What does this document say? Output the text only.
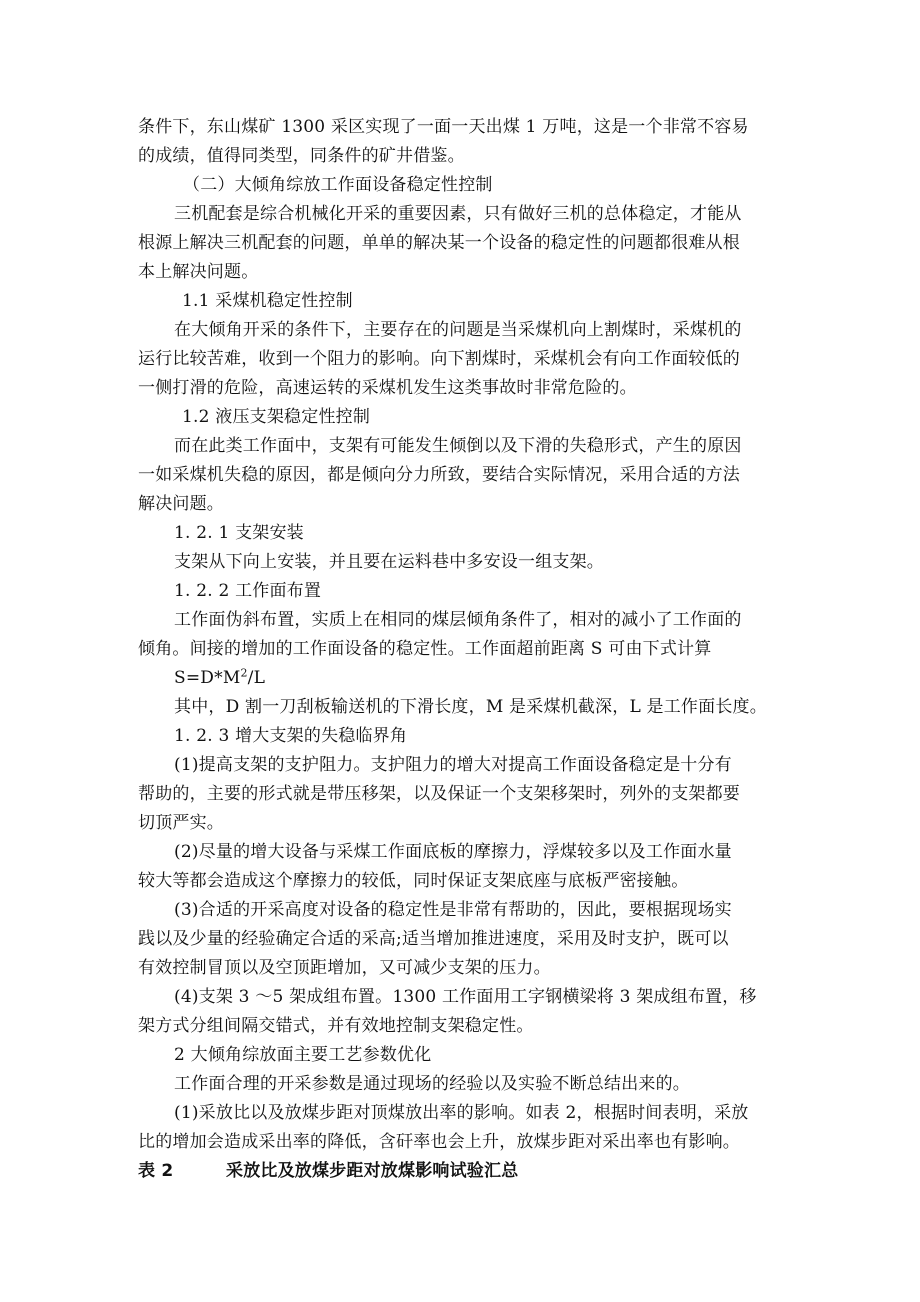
条件下，东山煤矿 1300 采区实现了一面一天出煤 1 万吨，这是一个非常不容易
的成绩，值得同类型，同条件的矿井借鉴。
（二）大倾角综放工作面设备稳定性控制
三机配套是综合机械化开采的重要因素，只有做好三机的总体稳定，才能从
根源上解决三机配套的问题，单单的解决某一个设备的稳定性的问题都很难从根
本上解决问题。
1.1 采煤机稳定性控制
在大倾角开采的条件下，主要存在的问题是当采煤机向上割煤时，采煤机的
运行比较苦难，收到一个阻力的影响。向下割煤时，采煤机会有向工作面较低的
一侧打滑的危险，高速运转的采煤机发生这类事故时非常危险的。
1.2 液压支架稳定性控制
而在此类工作面中，支架有可能发生倾倒以及下滑的失稳形式，产生的原因
一如采煤机失稳的原因，都是倾向分力所致，要结合实际情况，采用合适的方法
解决问题。
1. 2. 1 支架安装
支架从下向上安装，并且要在运料巷中多安设一组支架。
1. 2. 2 工作面布置
工作面伪斜布置，实质上在相同的煤层倾角条件了，相对的减小了工作面的
倾角。间接的增加的工作面设备的稳定性。工作面超前距离 S 可由下式计算
$S=D*M^2/L$
其中，D 割一刀刮板输送机的下滑长度，M 是采煤机截深，L 是工作面长度。
1. 2. 3 增大支架的失稳临界角
(1)提高支架的支护阻力。支护阻力的增大对提高工作面设备稳定是十分有
帮助的，主要的形式就是带压移架，以及保证一个支架移架时，列外的支架都要
切顶严实。
(2)尽量的增大设备与采煤工作面底板的摩擦力，浮煤较多以及工作面水量
较大等都会造成这个摩擦力的较低，同时保证支架底座与底板严密接触。
(3)合适的开采高度对设备的稳定性是非常有帮助的，因此，要根据现场实
践以及少量的经验确定合适的采高;适当增加推进速度，采用及时支护，既可以
有效控制冒顶以及空顶距增加，又可减少支架的压力。
(4)支架 3 ～5 架成组布置。1300 工作面用工字钢横梁将 3 架成组布置，移
架方式分组间隔交错式，并有效地控制支架稳定性。
2 大倾角综放面主要工艺参数优化
工作面合理的开采参数是通过现场的经验以及实验不断总结出来的。
(1)采放比以及放煤步距对顶煤放出率的影响。如表 2，根据时间表明，采放
比的增加会造成采出率的降低，含矸率也会上升，放煤步距对采出率也有影响。
表 2	采放比及放煤步距对放煤影响试验汇总
